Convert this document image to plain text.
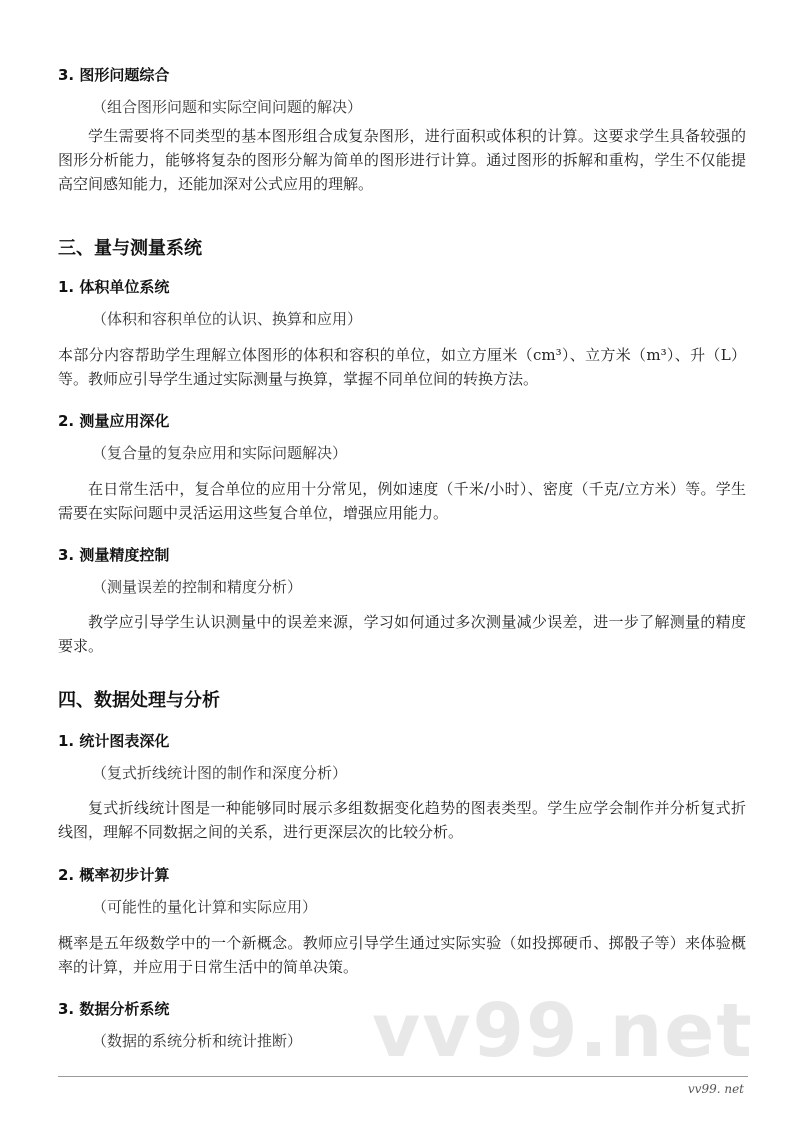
3. 图形问题综合
（组合图形问题和实际空间问题的解决）

学生需要将不同类型的基本图形组合成复杂图形，进行面积或体积的计算。这要求学生具备较强的图形分析能力，能够将复杂的图形分解为简单的图形进行计算。通过图形的拆解和重构，学生不仅能提高空间感知能力，还能加深对公式应用的理解。

三、量与测量系统
1. 体积单位系统
（体积和容积单位的认识、换算和应用）

本部分内容帮助学生理解立体图形的体积和容积的单位，如立方厘米（cm³）、立方米（m³）、升（L）等。教师应引导学生通过实际测量与换算，掌握不同单位间的转换方法。

2. 测量应用深化
（复合量的复杂应用和实际问题解决）

在日常生活中，复合单位的应用十分常见，例如速度（千米/小时）、密度（千克/立方米）等。学生需要在实际问题中灵活运用这些复合单位，增强应用能力。

3. 测量精度控制
（测量误差的控制和精度分析）

教学应引导学生认识测量中的误差来源，学习如何通过多次测量减少误差，进一步了解测量的精度要求。

四、数据处理与分析
1. 统计图表深化
（复式折线统计图的制作和深度分析）

复式折线统计图是一种能够同时展示多组数据变化趋势的图表类型。学生应学会制作并分析复式折线图，理解不同数据之间的关系，进行更深层次的比较分析。

2. 概率初步计算
（可能性的量化计算和实际应用）

概率是五年级数学中的一个新概念。教师应引导学生通过实际实验（如投掷硬币、掷骰子等）来体验概率的计算，并应用于日常生活中的简单决策。

3. 数据分析系统
（数据的系统分析和统计推断） vv99.net
vv99. net
